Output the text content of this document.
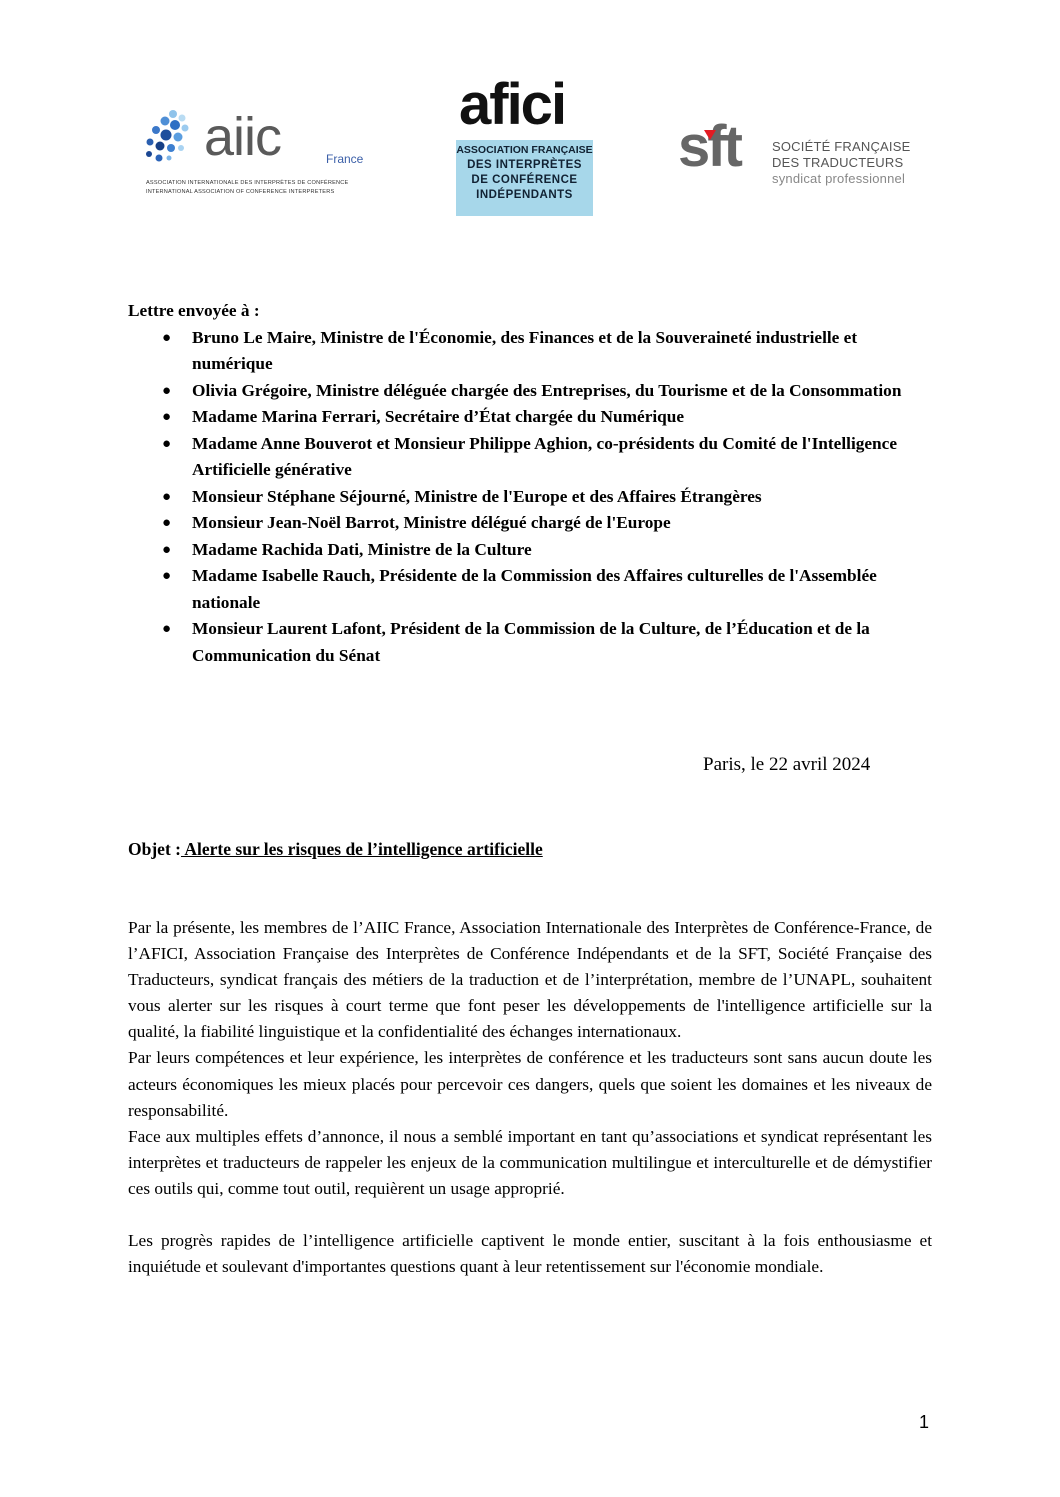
aiic	France
ASSOCIATION INTERNATIONALE DES INTERPRÈTES DE CONFÉRENCE
INTERNATIONAL ASSOCIATION OF CONFERENCE INTERPRETERS
afici
ASSOCIATION FRANÇAISE
DES INTERPRÈTES
DE CONFÉRENCE
INDÉPENDANTS
sft SOCIÉTÉ FRANÇAISE
DES TRADUCTEURS
syndicat professionnel

Lettre envoyée à :

● Bruno Le Maire, Ministre de l'Économie, des Finances et de la Souveraineté industrielle et numérique
● Olivia Grégoire, Ministre déléguée chargée des Entreprises, du Tourisme et de la Consommation
● Madame Marina Ferrari, Secrétaire d’État chargée du Numérique
● Madame Anne Bouverot et Monsieur Philippe Aghion, co-présidents du Comité de l'Intelligence Artificielle générative
● Monsieur Stéphane Séjourné, Ministre de l'Europe et des Affaires Étrangères
● Monsieur Jean-Noël Barrot, Ministre délégué chargé de l'Europe
● Madame Rachida Dati, Ministre de la Culture
● Madame Isabelle Rauch, Présidente de la Commission des Affaires culturelles de l'Assemblée nationale
● Monsieur Laurent Lafont, Président de la Commission de la Culture, de l’Éducation et de la Communication du Sénat
Paris, le 22 avril 2024
Objet : Alerte sur les risques de l’intelligence artificielle

Par la présente, les membres de l’AIIC France, Association Internationale des Interprètes de Conférence-France, de l’AFICI, Association Française des Interprètes de Conférence Indépendants et de la SFT, Société Française des Traducteurs, syndicat français des métiers de la traduction et de l’interprétation, membre de l’UNAPL, souhaitent vous alerter sur les risques à court terme que font peser les développements de l'intelligence artificielle sur la qualité, la fiabilité linguistique et la confidentialité des échanges internationaux.

Par leurs compétences et leur expérience, les interprètes de conférence et les traducteurs sont sans aucun doute les acteurs économiques les mieux placés pour percevoir ces dangers, quels que soient les domaines et les niveaux de responsabilité.

Face aux multiples effets d’annonce, il nous a semblé important en tant qu’associations et syndicat représentant les interprètes et traducteurs de rappeler les enjeux de la communication multilingue et interculturelle et de démystifier ces outils qui, comme tout outil, requièrent un usage approprié.

Les progrès rapides de l’intelligence artificielle captivent le monde entier, suscitant à la fois enthousiasme et inquiétude et soulevant d'importantes questions quant à leur retentissement sur l'économie mondiale.

1
